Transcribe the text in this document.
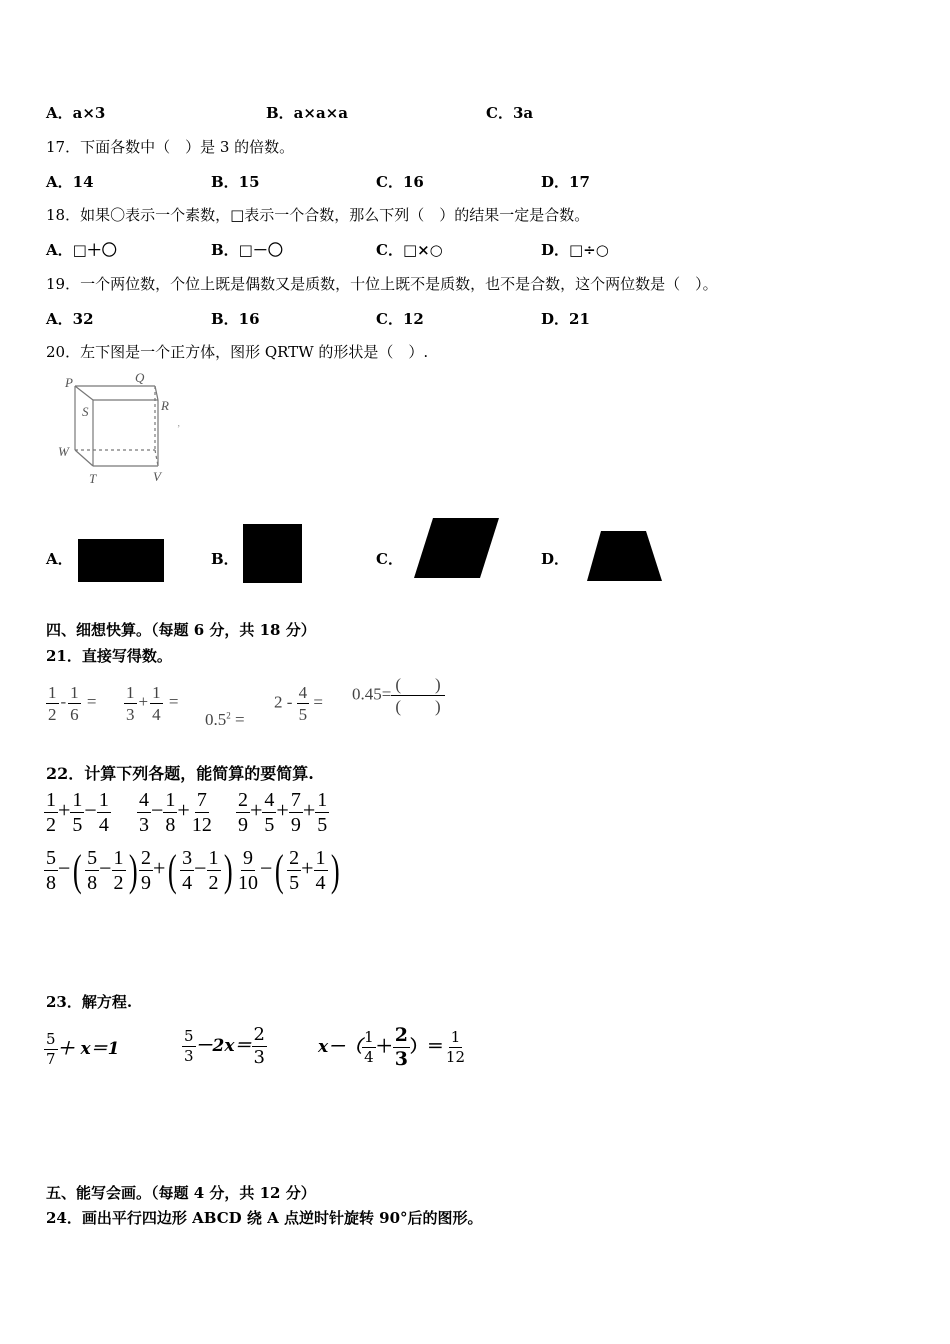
A．a×3	B．a×a×a	C．3a
17．下面各数中（　）是 3 的倍数。
A．14	B．15	C．16	D．17
18．如果〇表示一个素数，□表示一个合数，那么下列（　）的结果一定是合数。
A．□＋〇	B．□－〇	C．□×○	D．□÷○
19．一个两位数，个位上既是偶数又是质数，十位上既不是质数，也不是合数，这个两位数是（　）。
A．32	B．16	C．12	D．21
20．左下图是一个正方体，图形 QRTW 的形状是（　）.
P	Q
S	R
W
T	V
’
A．	B．	C．	D．
四、细想快算。（每题 6 分，共 18 分）
21．直接写得数。
$\frac{1}{2} - \frac{1}{6} = \frac{1}{3} + \frac{1}{4}$ =
$0.5^2$ =
$2 - \frac{4}{5} = 0.45= \frac{( )}{( )}$
22．计算下列各题，能简算的要简算.
$\frac{1}{2} + \frac{1}{5} - \frac{1}{4} \frac{4}{3} - \frac{1}{8} + \frac{7}{12} \frac{2}{9} + \frac{4}{5} + \frac{7}{9} + \frac{1}{5}$
$\frac{5}{8}$ −( $\frac{5}{8} - \frac{1}{2}$ ) $\frac{2}{9}$ +( $\frac{3}{4} - \frac{1}{2}$ ) $\frac{9}{10}$ −( $\frac{2}{5} + \frac{1}{4}$ )
23．解方程.
$\frac{5}{7} + x=1$	$\frac{5}{3} -2x= \frac{2}{3}$	$x-( \frac{1}{4} + \frac{2}{3}$ ）＝ $\frac{1}{12}$
五、能写会画。（每题 4 分，共 12 分）
24．画出平行四边形 ABCD 绕 A 点逆时针旋转 90°后的图形。
